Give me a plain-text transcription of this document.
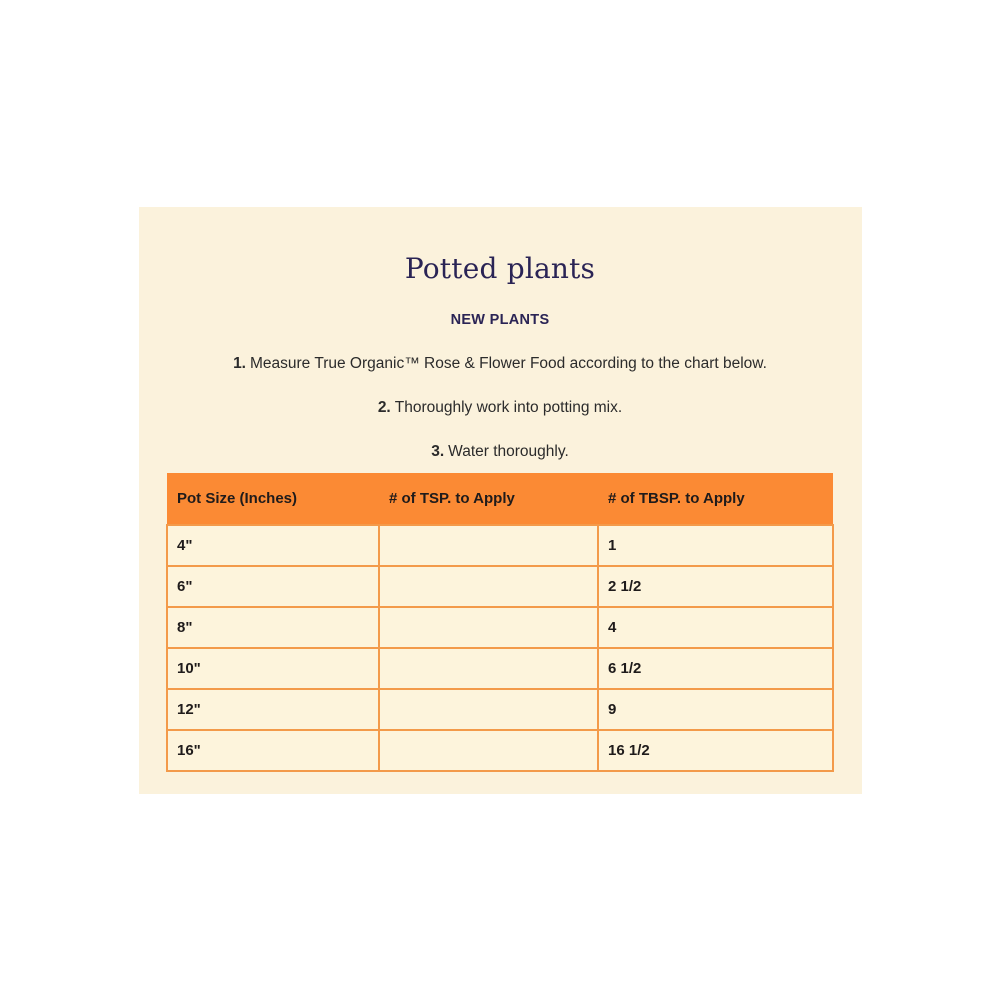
Potted plants
NEW PLANTS
1. Measure True Organic™ Rose & Flower Food according to the chart below.
2. Thoroughly work into potting mix.
3. Water thoroughly.
Pot Size (Inches)	# of TSP. to Apply	# of TBSP. to Apply
4"		1
6"		2 1/2
8"		4
10"		6 1/2
12"		9
16"		16 1/2
